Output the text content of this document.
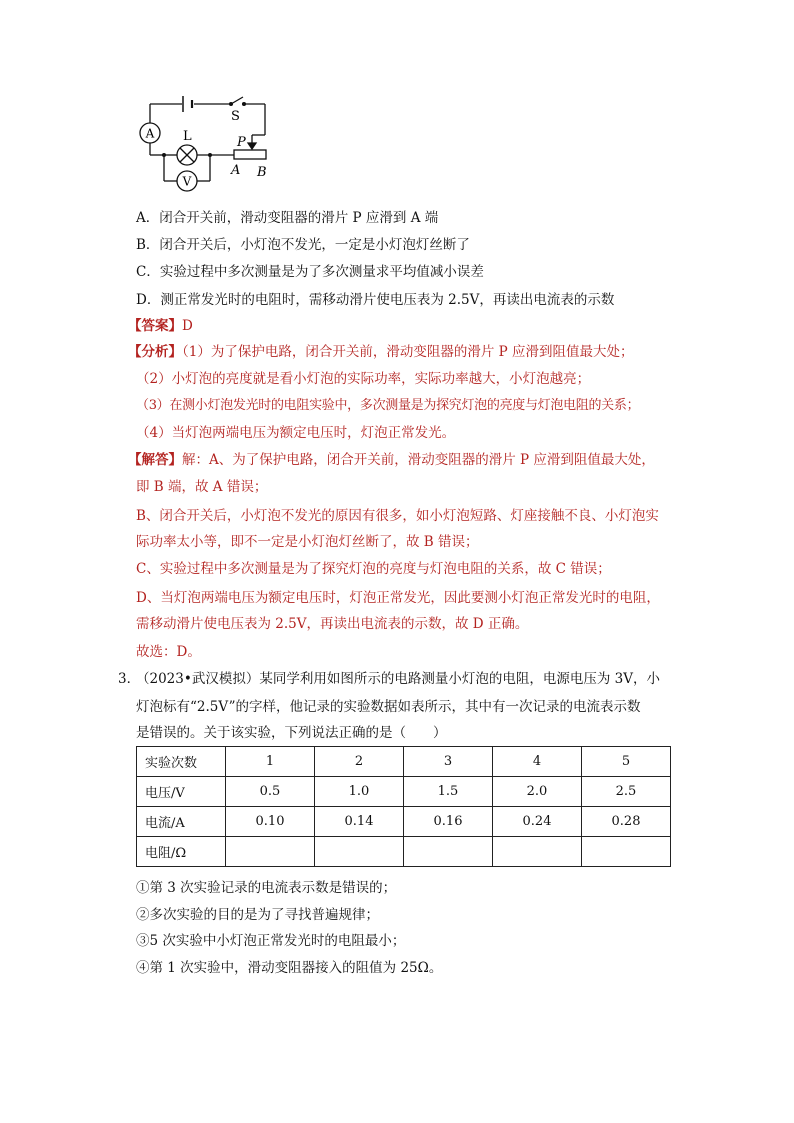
A
V
L
S
P
A B
A．闭合开关前，滑动变阻器的滑片 P 应滑到 A 端
B．闭合开关后，小灯泡不发光，一定是小灯泡灯丝断了
C．实验过程中多次测量是为了多次测量求平均值减小误差
D．测正常发光时的电阻时，需移动滑片使电压表为 2.5V，再读出电流表的示数
【答案】D
【分析】（1）为了保护电路，闭合开关前，滑动变阻器的滑片 P 应滑到阻值最大处；
（2）小灯泡的亮度就是看小灯泡的实际功率，实际功率越大，小灯泡越亮；
（3）在测小灯泡发光时的电阻实验中，多次测量是为探究灯泡的亮度与灯泡电阻的关系；
（4）当灯泡两端电压为额定电压时，灯泡正常发光。
【解答】解：A、为了保护电路，闭合开关前，滑动变阻器的滑片 P 应滑到阻值最大处，
即 B 端，故 A 错误；
B、闭合开关后，小灯泡不发光的原因有很多，如小灯泡短路、灯座接触不良、小灯泡实
际功率太小等，即不一定是小灯泡灯丝断了，故 B 错误；
C、实验过程中多次测量是为了探究灯泡的亮度与灯泡电阻的关系，故 C 错误；
D、当灯泡两端电压为额定电压时，灯泡正常发光，因此要测小灯泡正常发光时的电阻，
需移动滑片使电压表为 2.5V，再读出电流表的示数，故 D 正确。
故选：D。
3．
（2023•武汉模拟）某同学利用如图所示的电路测量小灯泡的电阻，电源电压为 3V，小
灯泡标有“2.5V”的字样，他记录的实验数据如表所示，其中有一次记录的电流表示数
是错误的。关于该实验，下列说法正确的是（　　）
实验次数	1	2	3	4	5
电压/V	0.5	1.0	1.5	2.0	2.5
电流/A	0.10	0.14	0.16	0.24	0.28
电阻/Ω					
①第 3 次实验记录的电流表示数是错误的；
②多次实验的目的是为了寻找普遍规律；
③5 次实验中小灯泡正常发光时的电阻最小；
④第 1 次实验中，滑动变阻器接入的阻值为 25Ω。
